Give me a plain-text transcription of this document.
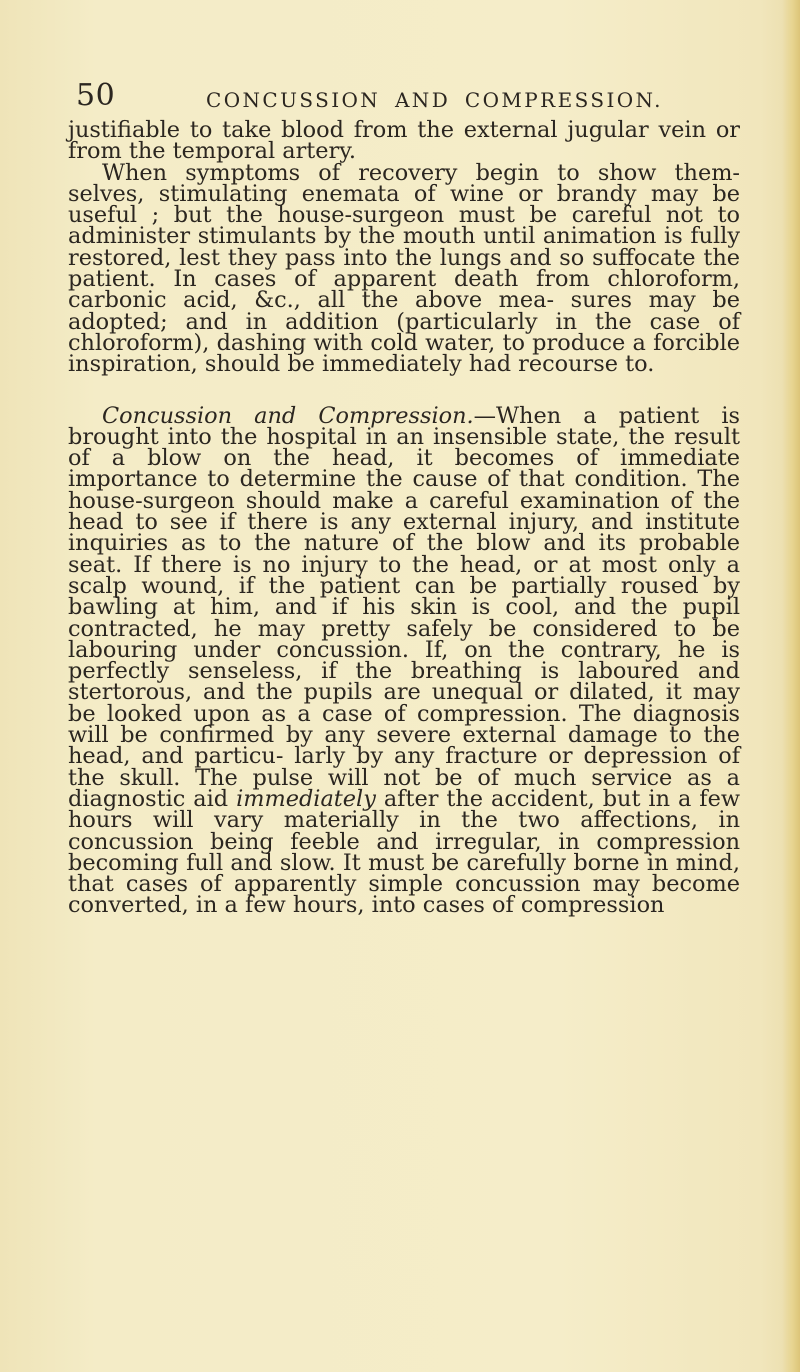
50	CONCUSSION AND COMPRESSION.

justifiable to take blood from the external jugular vein or from the temporal artery.

When symptoms of recovery begin to show them- selves, stimulating enemata of wine or brandy may be useful ; but the house-surgeon must be careful not to administer stimulants by the mouth until animation is fully restored, lest they pass into the lungs and so suffocate the patient. In cases of apparent death from chloroform, carbonic acid, &c., all the above mea- sures may be adopted; and in addition (particularly in the case of chloroform), dashing with cold water, to produce a forcible inspiration, should be immediately had recourse to.

Concussion and Compression.—When a patient is brought into the hospital in an insensible state, the result of a blow on the head, it becomes of immediate importance to determine the cause of that condition. The house-surgeon should make a careful examination of the head to see if there is any external injury, and institute inquiries as to the nature of the blow and its probable seat. If there is no injury to the head, or at most only a scalp wound, if the patient can be partially roused by bawling at him, and if his skin is cool, and the pupil contracted, he may pretty safely be considered to be labouring under concussion. If, on the contrary, he is perfectly senseless, if the breathing is laboured and stertorous, and the pupils are unequal or dilated, it may be looked upon as a case of compression. The diagnosis will be confirmed by any severe external damage to the head, and particu- larly by any fracture or depression of the skull. The pulse will not be of much service as a diagnostic aid immediately after the accident, but in a few hours will vary materially in the two affections, in concussion being feeble and irregular, in compression becoming full and slow. It must be carefully borne in mind, that cases of apparently simple concussion may become converted, in a few hours, into cases of compression
